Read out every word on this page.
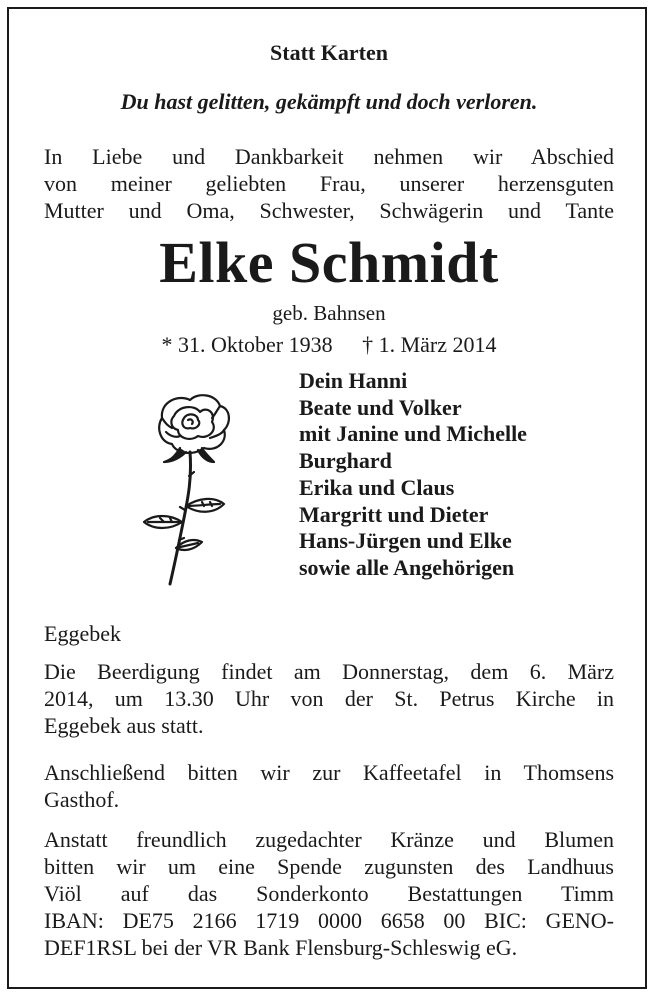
Statt Karten
Du hast gelitten, gekämpft und doch verloren.
In Liebe und Dankbarkeit nehmen wir Abschied
von meiner geliebten Frau, unserer herzensguten
Mutter und Oma, Schwester, Schwägerin und Tante
Elke Schmidt
geb. Bahnsen
* 31. Oktober 1938 † 1. März 2014
Dein Hanni
Beate und Volker
mit Janine und Michelle
Burghard
Erika und Claus
Margritt und Dieter
Hans-Jürgen und Elke
sowie alle Angehörigen
Eggebek
Die Beerdigung findet am Donnerstag, dem 6. März
2014, um 13.30 Uhr von der St. Petrus Kirche in
Eggebek aus statt.
Anschließend bitten wir zur Kaffeetafel in Thomsens
Gasthof.
Anstatt freundlich zugedachter Kränze und Blumen
bitten wir um eine Spende zugunsten des Landhuus
Viöl auf das Sonderkonto Bestattungen Timm
IBAN: DE75 2166 1719 0000 6658 00 BIC: GENO-
DEF1RSL bei der VR Bank Flensburg-Schleswig eG.
